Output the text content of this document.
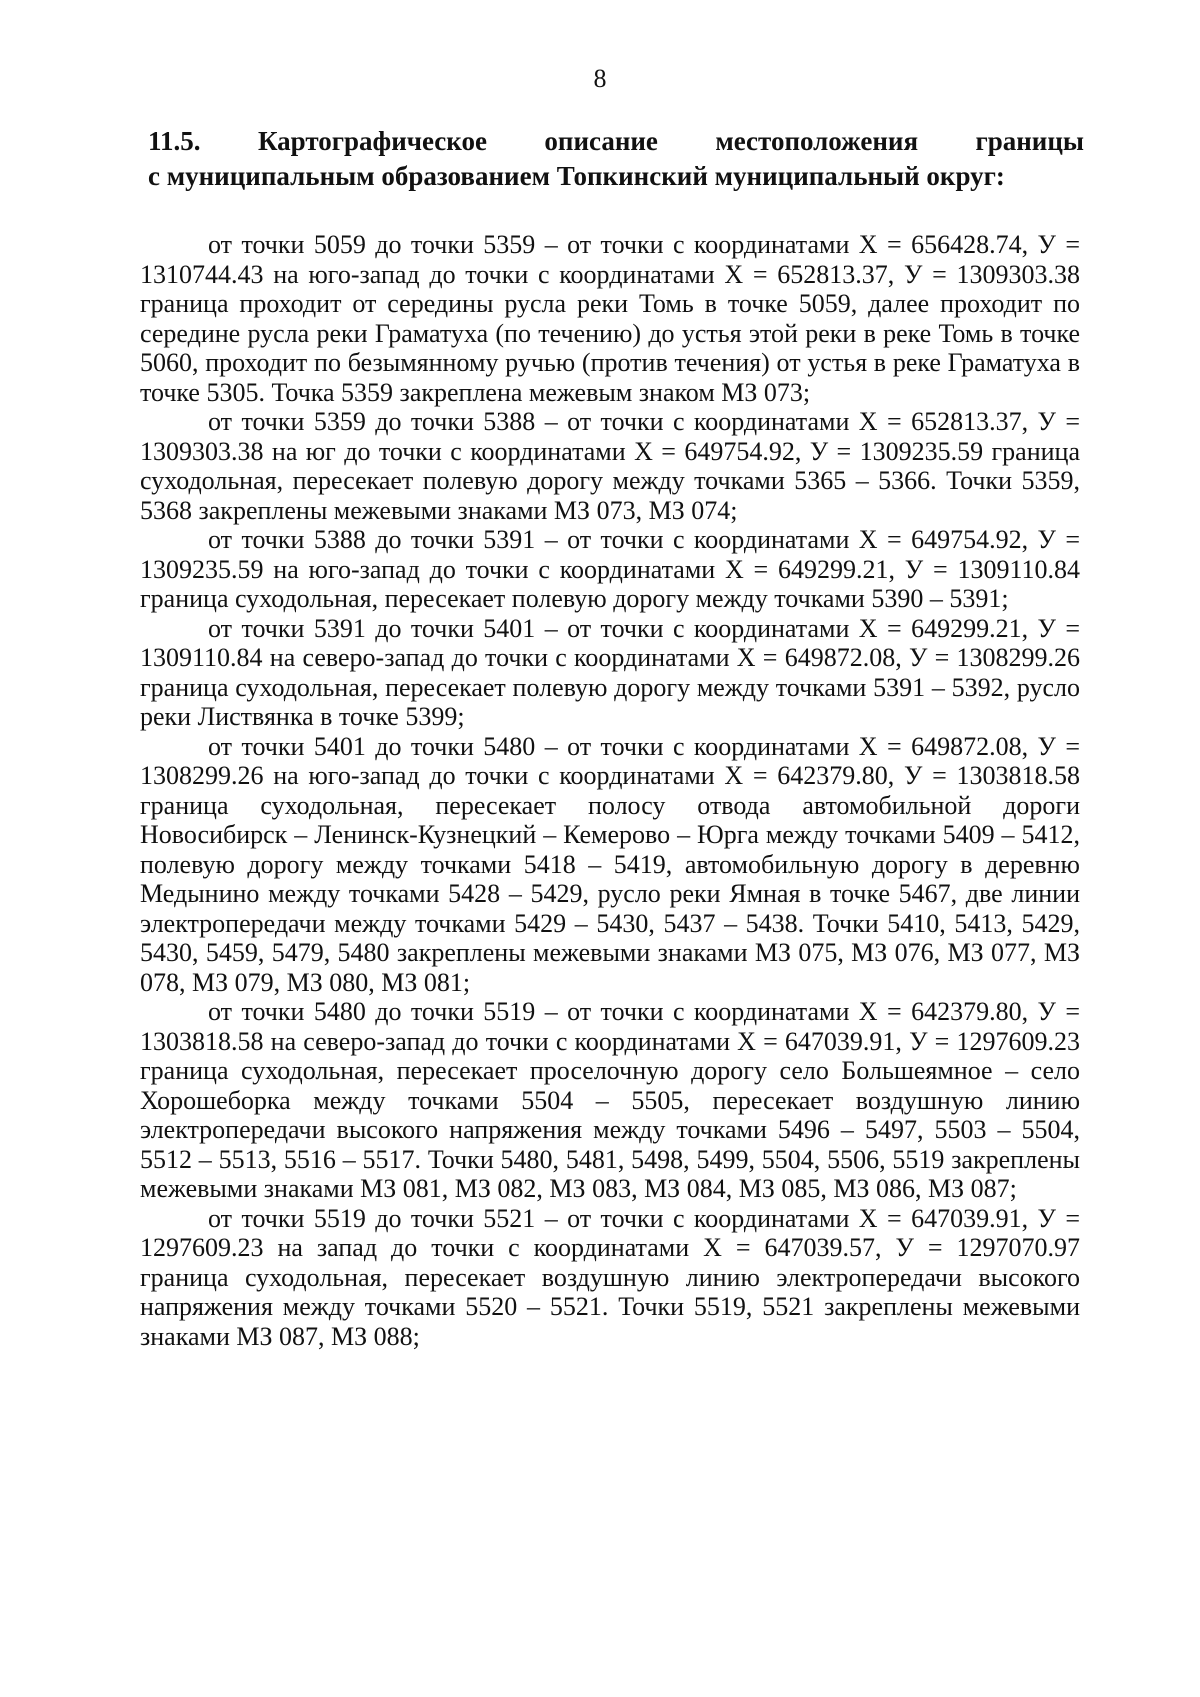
8
11.5. Картографическое описание местоположения границы
с муниципальным образованием Топкинский муниципальный округ:

от точки 5059 до точки 5359 – от точки с координатами Х = 656428.74, У = 1310744.43 на юго-запад до точки с координатами Х = 652813.37, У = 1309303.38 граница проходит от середины русла реки Томь в точке 5059, далее проходит по середине русла реки Граматуха (по течению) до устья этой реки в реке Томь в точке 5060, проходит по безымянному ручью (против течения) от устья в реке Граматуха в точке 5305. Точка 5359 закреплена межевым знаком МЗ 073;

от точки 5359 до точки 5388 – от точки с координатами Х = 652813.37, У = 1309303.38 на юг до точки с координатами Х = 649754.92, У = 1309235.59 граница суходольная, пересекает полевую дорогу между точками 5365 – 5366. Точки 5359, 5368 закреплены межевыми знаками МЗ 073, МЗ 074;

от точки 5388 до точки 5391 – от точки с координатами Х = 649754.92, У = 1309235.59 на юго-запад до точки с координатами Х = 649299.21, У = 1309110.84 граница суходольная, пересекает полевую дорогу между точками 5390 – 5391;

от точки 5391 до точки 5401 – от точки с координатами Х = 649299.21, У = 1309110.84 на северо-запад до точки с координатами Х = 649872.08, У = 1308299.26 граница суходольная, пересекает полевую дорогу между точками 5391 – 5392, русло реки Листвянка в точке 5399;

от точки 5401 до точки 5480 – от точки с координатами Х = 649872.08, У = 1308299.26 на юго-запад до точки с координатами Х = 642379.80, У = 1303818.58 граница суходольная, пересекает полосу отвода автомобильной дороги Новосибирск – Ленинск-Кузнецкий – Кемерово – Юрга между точками 5409 – 5412, полевую дорогу между точками 5418 – 5419, автомобильную дорогу в деревню Медынино между точками 5428 – 5429, русло реки Ямная в точке 5467, две линии электропередачи между точками 5429 – 5430, 5437 – 5438. Точки 5410, 5413, 5429, 5430, 5459, 5479, 5480 закреплены межевыми знаками МЗ 075, МЗ 076, МЗ 077, МЗ 078, МЗ 079, МЗ 080, МЗ 081;

от точки 5480 до точки 5519 – от точки с координатами Х = 642379.80, У = 1303818.58 на северо-запад до точки с координатами Х = 647039.91, У = 1297609.23 граница суходольная, пересекает проселочную дорогу село Большеямное – село Хорошеборка между точками 5504 – 5505, пересекает воздушную линию электропередачи высокого напряжения между точками 5496 – 5497, 5503 – 5504, 5512 – 5513, 5516 – 5517. Точки 5480, 5481, 5498, 5499, 5504, 5506, 5519 закреплены межевыми знаками МЗ 081, МЗ 082, МЗ 083, МЗ 084, МЗ 085, МЗ 086, МЗ 087;

от точки 5519 до точки 5521 – от точки с координатами Х = 647039.91, У = 1297609.23 на запад до точки с координатами Х = 647039.57, У = 1297070.97 граница суходольная, пересекает воздушную линию электропередачи высокого напряжения между точками 5520 – 5521. Точки 5519, 5521 закреплены межевыми знаками МЗ 087, МЗ 088;
